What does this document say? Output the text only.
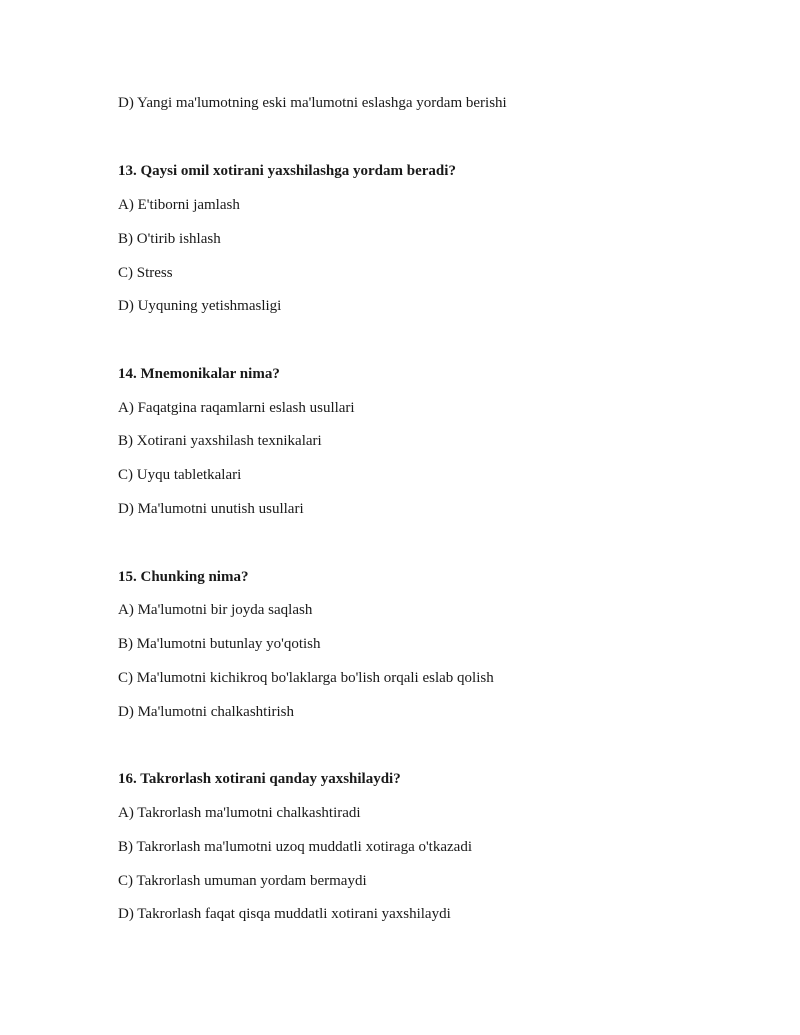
D) Yangi ma'lumotning eski ma'lumotni eslashga yordam berishi
13. Qaysi omil xotirani yaxshilashga yordam beradi?
A) E'tiborni jamlash
B) O'tirib ishlash
C) Stress
D) Uyquning yetishmasligi
14. Mnemonikalar nima?
A) Faqatgina raqamlarni eslash usullari
B) Xotirani yaxshilash texnikalari
C) Uyqu tabletkalari
D) Ma'lumotni unutish usullari
15. Chunking nima?
A) Ma'lumotni bir joyda saqlash
B) Ma'lumotni butunlay yo'qotish
C) Ma'lumotni kichikroq bo'laklarga bo'lish orqali eslab qolish
D) Ma'lumotni chalkashtirish
16. Takrorlash xotirani qanday yaxshilaydi?
A) Takrorlash ma'lumotni chalkashtiradi
B) Takrorlash ma'lumotni uzoq muddatli xotiraga o'tkazadi
C) Takrorlash umuman yordam bermaydi
D) Takrorlash faqat qisqa muddatli xotirani yaxshilaydi
